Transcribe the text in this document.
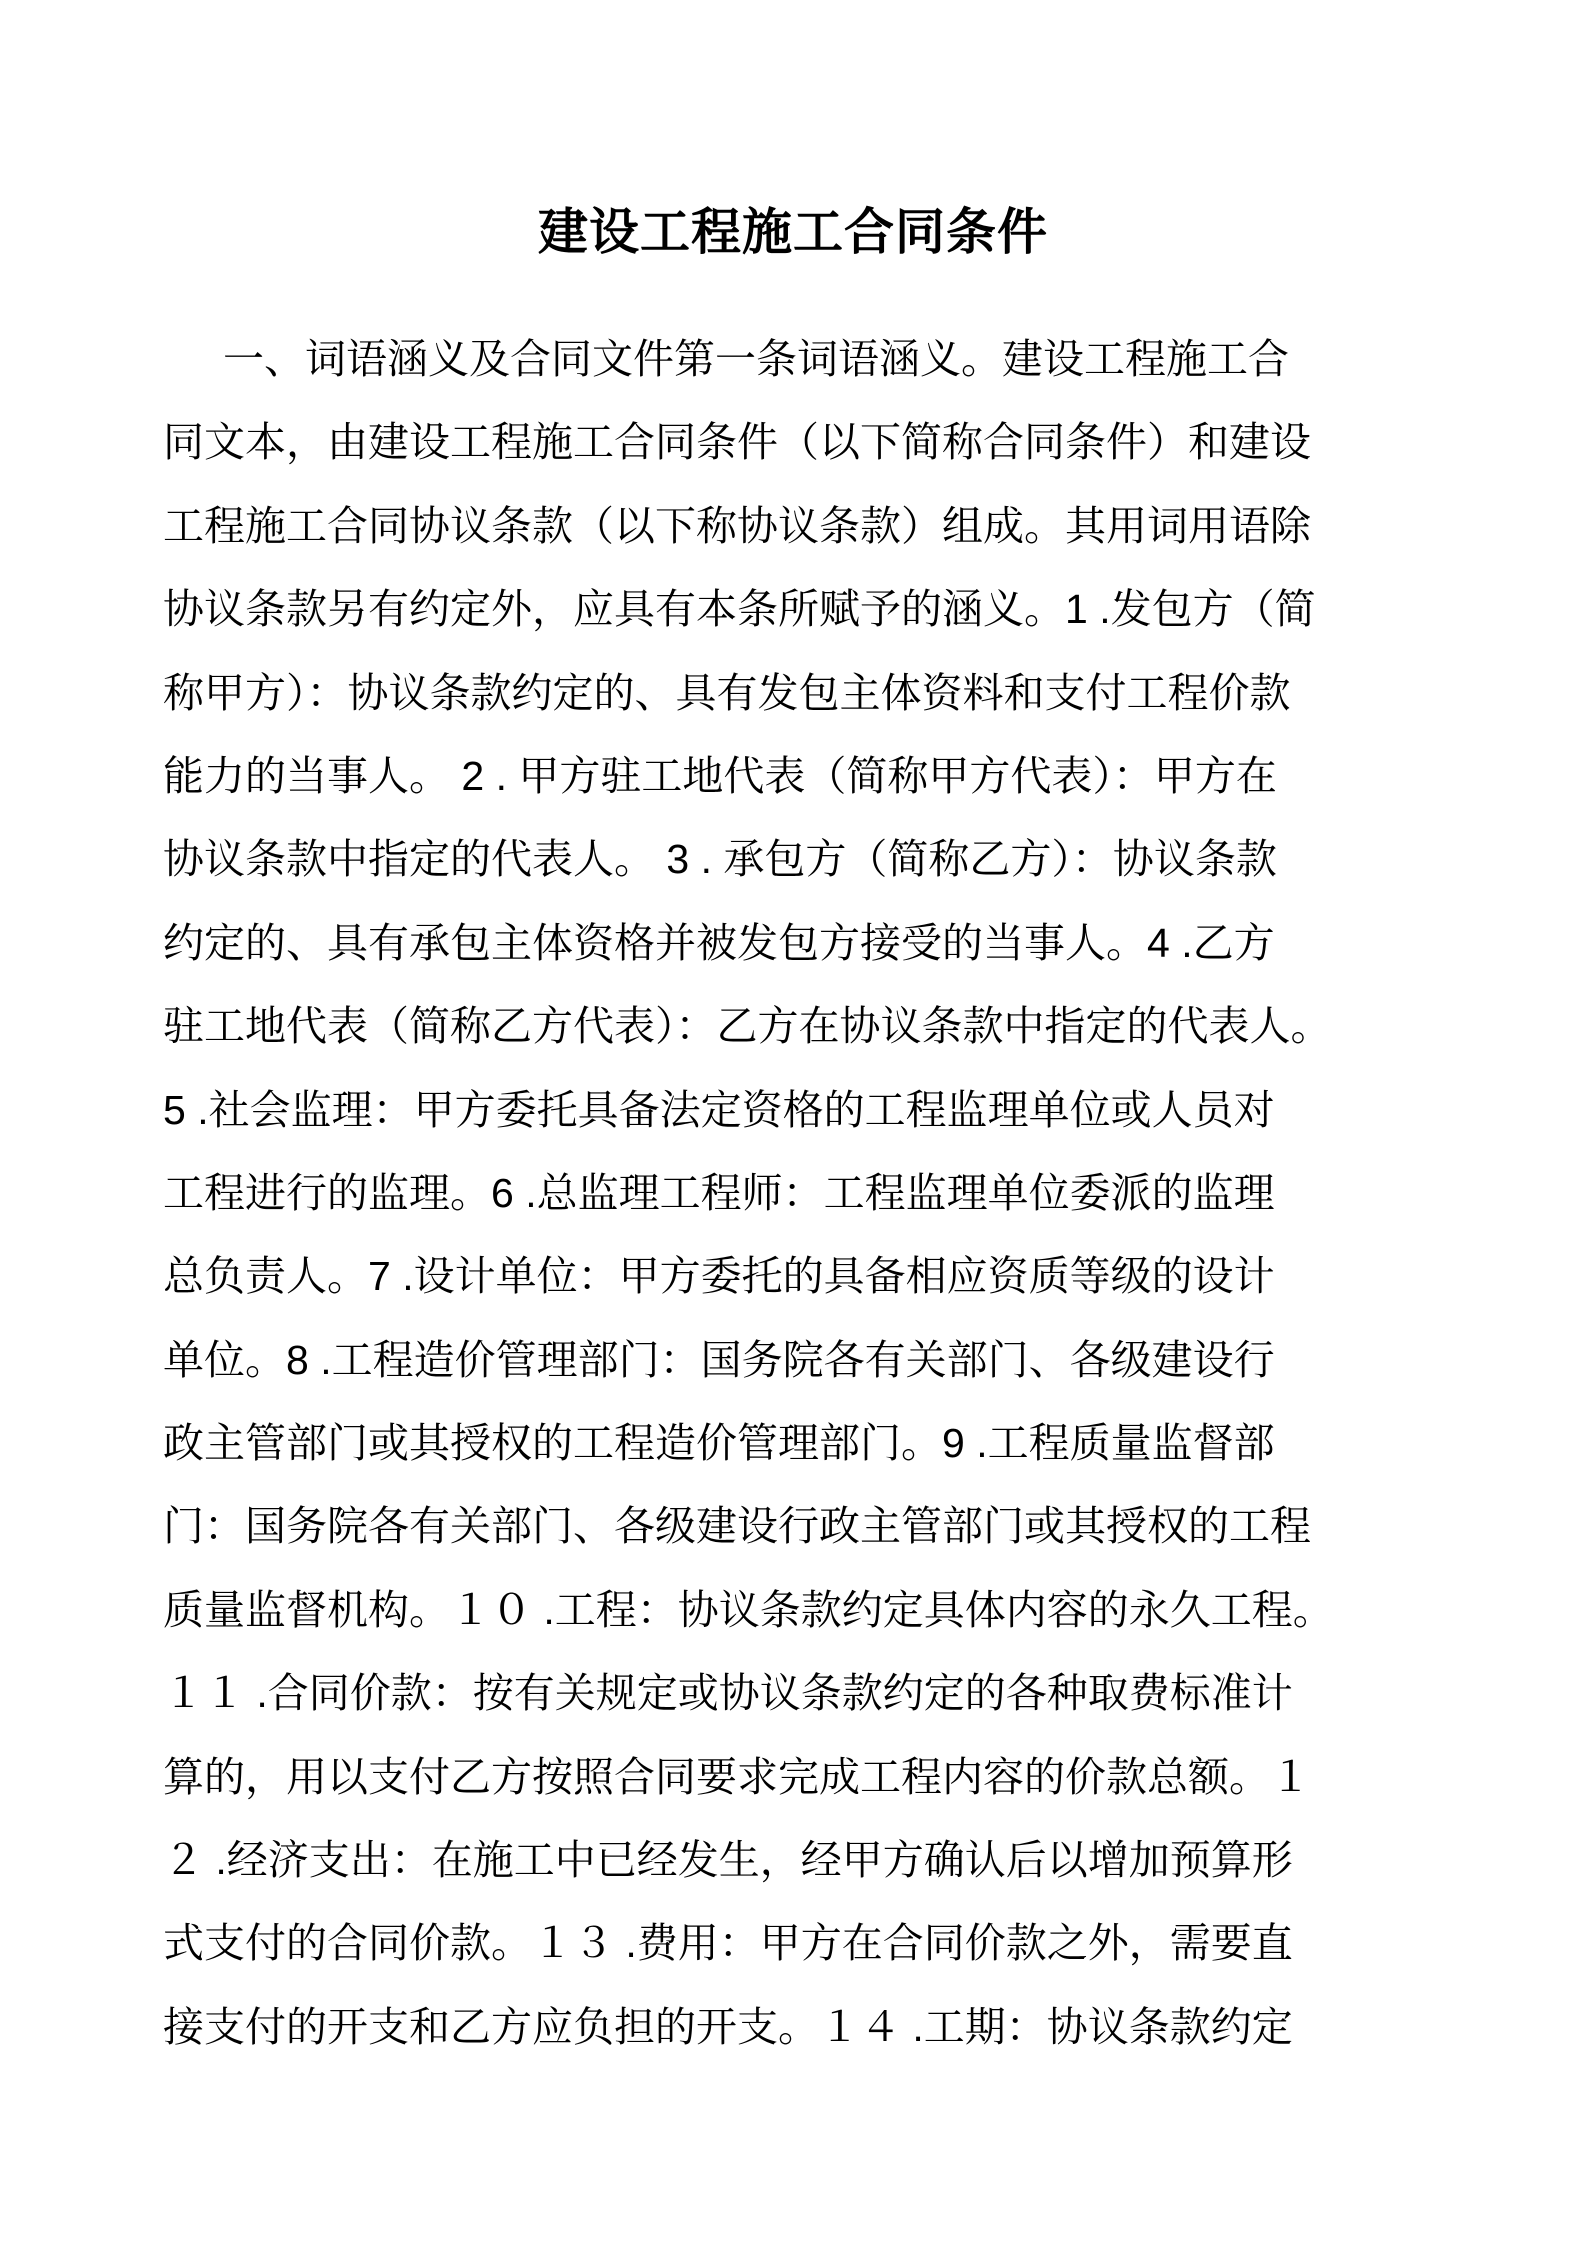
建设工程施工合同条件
一、词语涵义及合同文件第一条词语涵义。建设工程施工合
同文本，由建设工程施工合同条件（以下简称合同条件）和建设
工程施工合同协议条款（以下称协议条款）组成。其用词用语除
协议条款另有约定外，应具有本条所赋予的涵义。1 .发包方（简
称甲方）：协议条款约定的、具有发包主体资料和支付工程价款
能力的当事人。 2 . 甲方驻工地代表（简称甲方代表）：甲方在
协议条款中指定的代表人。 3 . 承包方（简称乙方）：协议条款
约定的、具有承包主体资格并被发包方接受的当事人。4 .乙方
驻工地代表（简称乙方代表）：乙方在协议条款中指定的代表人。
5 .社会监理：甲方委托具备法定资格的工程监理单位或人员对
工程进行的监理。6 .总监理工程师：工程监理单位委派的监理
总负责人。7 .设计单位：甲方委托的具备相应资质等级的设计
单位。8 .工程造价管理部门：国务院各有关部门、各级建设行
政主管部门或其授权的工程造价管理部门。9 .工程质量监督部
门：国务院各有关部门、各级建设行政主管部门或其授权的工程
质量监督机构。１０ .工程：协议条款约定具体内容的永久工程。
１１ .合同价款：按有关规定或协议条款约定的各种取费标准计
算的，用以支付乙方按照合同要求完成工程内容的价款总额。１
２ .经济支出：在施工中已经发生，经甲方确认后以增加预算形
式支付的合同价款。１３ .费用：甲方在合同价款之外，需要直
接支付的开支和乙方应负担的开支。１４ .工期：协议条款约定
